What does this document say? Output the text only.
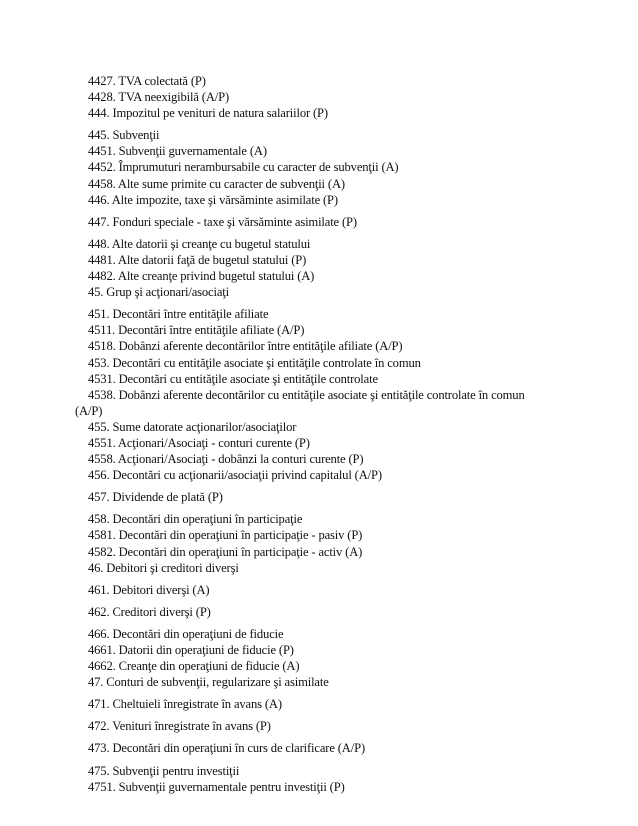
4427. TVA colectată (P)
4428. TVA neexigibilă (A/P)
444. Impozitul pe venituri de natura salariilor (P)
445. Subvenţii
4451. Subvenţii guvernamentale (A)
4452. Împrumuturi nerambursabile cu caracter de subvenţii (A)
4458. Alte sume primite cu caracter de subvenţii (A)
446. Alte impozite, taxe şi vărsăminte asimilate (P)
447. Fonduri speciale - taxe şi vărsăminte asimilate (P)
448. Alte datorii şi creanţe cu bugetul statului
4481. Alte datorii faţă de bugetul statului (P)
4482. Alte creanţe privind bugetul statului (A)
45. Grup şi acţionari/asociaţi
451. Decontări între entităţile afiliate
4511. Decontări între entităţile afiliate (A/P)
4518. Dobânzi aferente decontărilor între entităţile afiliate (A/P)
453. Decontări cu entităţile asociate şi entităţile controlate în comun
4531. Decontări cu entităţile asociate şi entităţile controlate
4538. Dobânzi aferente decontărilor cu entităţile asociate şi entităţile controlate în comun
(A/P)
455. Sume datorate acţionarilor/asociaţilor
4551. Acţionari/Asociaţi - conturi curente (P)
4558. Acţionari/Asociaţi - dobânzi la conturi curente (P)
456. Decontări cu acţionarii/asociaţii privind capitalul (A/P)
457. Dividende de plată (P)
458. Decontări din operaţiuni în participaţie
4581. Decontări din operaţiuni în participaţie - pasiv (P)
4582. Decontări din operaţiuni în participaţie - activ (A)
46. Debitori şi creditori diverşi
461. Debitori diverşi (A)
462. Creditori diverşi (P)
466. Decontări din operaţiuni de fiducie
4661. Datorii din operaţiuni de fiducie (P)
4662. Creanţe din operaţiuni de fiducie (A)
47. Conturi de subvenţii, regularizare şi asimilate
471. Cheltuieli înregistrate în avans (A)
472. Venituri înregistrate în avans (P)
473. Decontări din operaţiuni în curs de clarificare (A/P)
475. Subvenţii pentru investiţii
4751. Subvenţii guvernamentale pentru investiţii (P)
